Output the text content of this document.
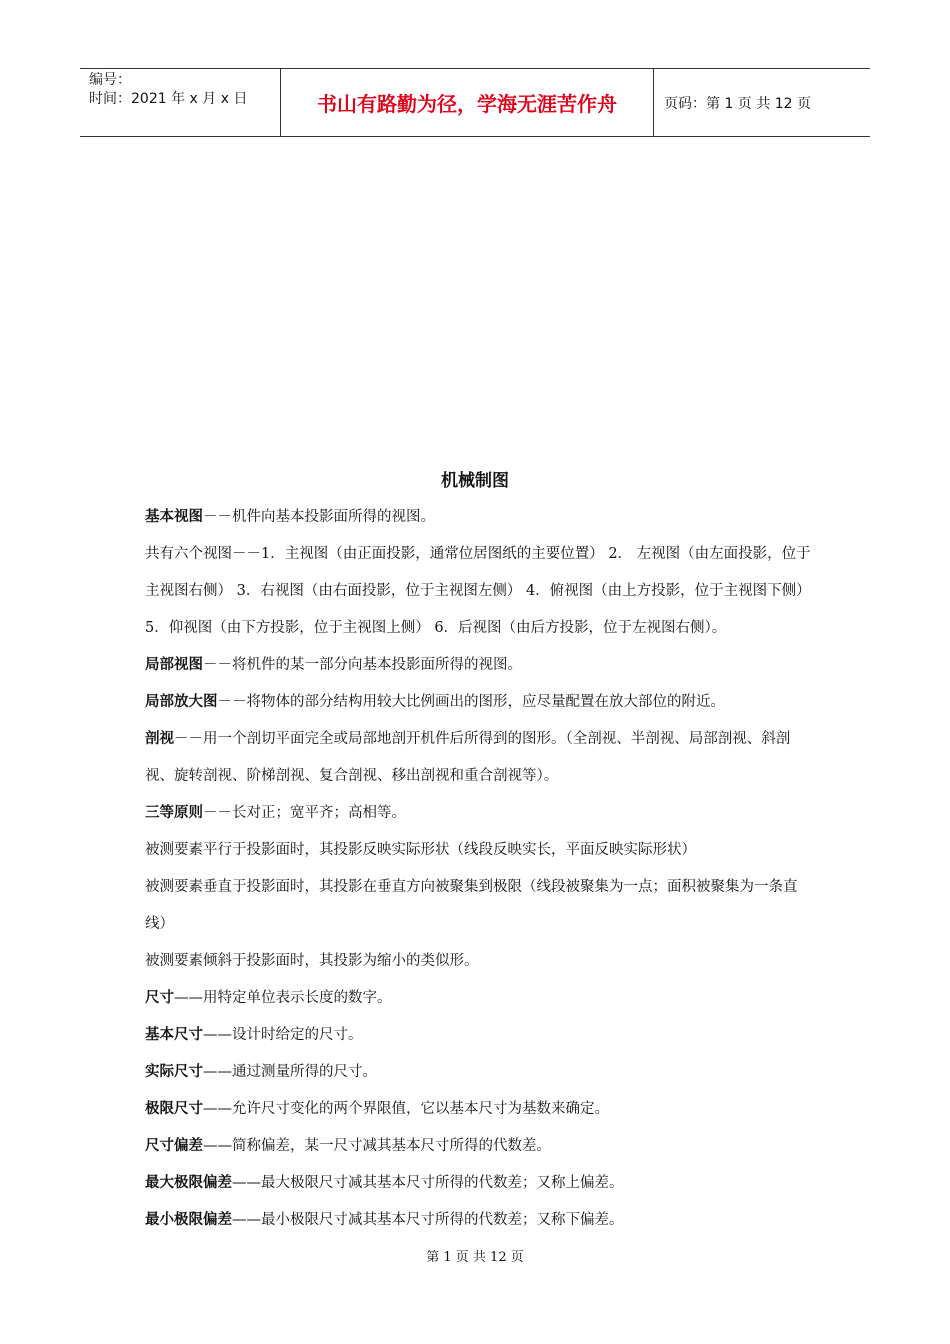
编号：
时间：2021 年 x 月 x 日	书山有路勤为径，学海无涯苦作舟	页码：第 1 页 共 12 页
机械制图

基本视图－－机件向基本投影面所得的视图。

共有六个视图－－1．主视图（由正面投影，通常位居图纸的主要位置） 2． 左视图（由左面投影，位于主视图右侧） 3．右视图（由右面投影，位于主视图左侧） 4．俯视图（由上方投影，位于主视图下侧） 5．仰视图（由下方投影，位于主视图上侧） 6．后视图（由后方投影，位于左视图右侧）。

局部视图－－将机件的某一部分向基本投影面所得的视图。

局部放大图－－将物体的部分结构用较大比例画出的图形，应尽量配置在放大部位的附近。

剖视－－用一个剖切平面完全或局部地剖开机件后所得到的图形。（全剖视、半剖视、局部剖视、斜剖视、旋转剖视、阶梯剖视、复合剖视、移出剖视和重合剖视等）。

三等原则－－长对正；宽平齐；高相等。

被测要素平行于投影面时，其投影反映实际形状（线段反映实长，平面反映实际形状）

被测要素垂直于投影面时，其投影在垂直方向被聚集到极限（线段被聚集为一点；面积被聚集为一条直线）

被测要素倾斜于投影面时，其投影为缩小的类似形。

尺寸——用特定单位表示长度的数字。

基本尺寸——设计时给定的尺寸。

实际尺寸——通过测量所得的尺寸。

极限尺寸——允许尺寸变化的两个界限值，它以基本尺寸为基数来确定。

尺寸偏差——简称偏差，某一尺寸减其基本尺寸所得的代数差。

最大极限偏差——最大极限尺寸减其基本尺寸所得的代数差；又称上偏差。

最小极限偏差——最小极限尺寸减其基本尺寸所得的代数差；又称下偏差。

第 1 页 共 12 页
